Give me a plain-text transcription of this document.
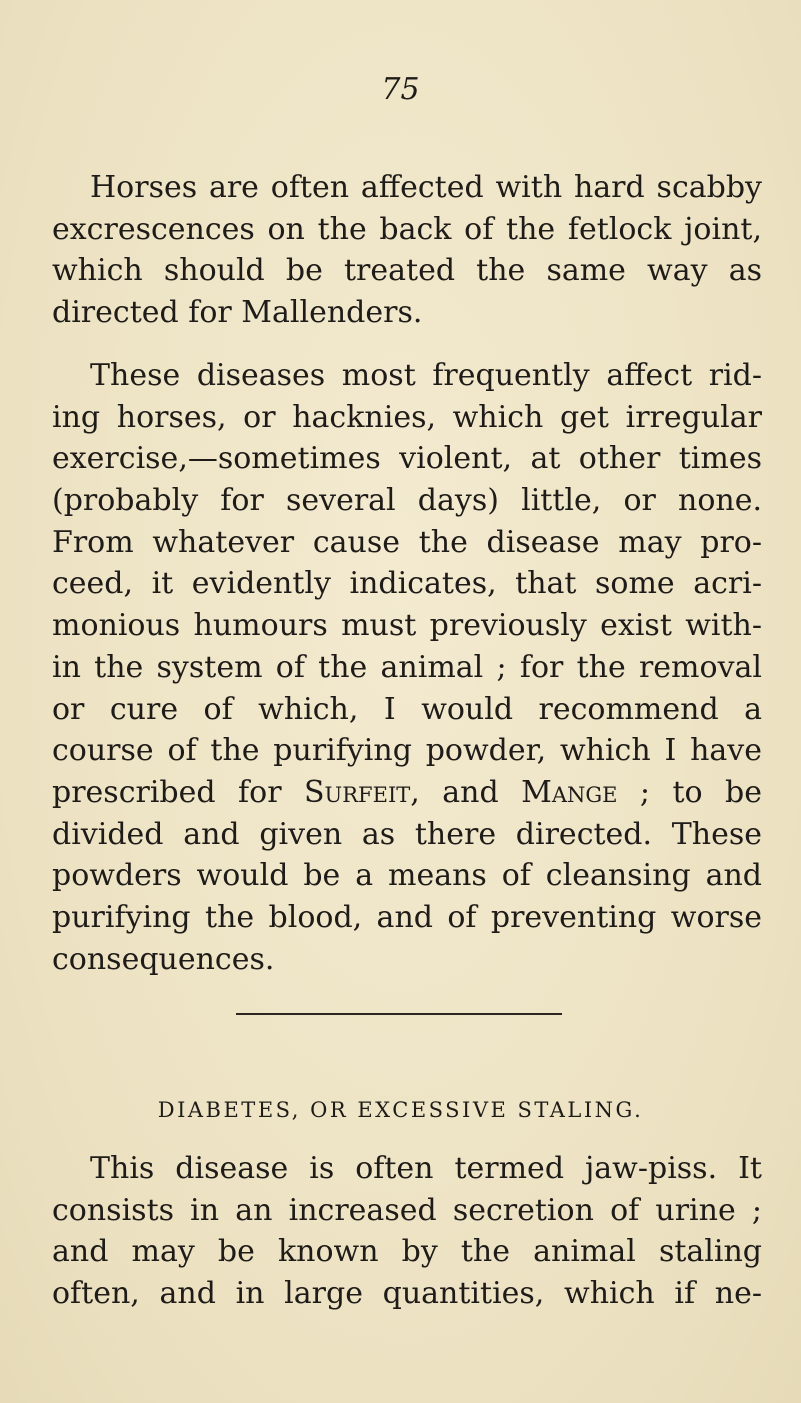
75
Horses are often affected with hard scabby
excrescences on the back of the fetlock joint,
which should be treated the same way as
directed for Mallenders.
These diseases most frequently affect rid-
ing horses, or hacknies, which get irregular
exercise,—sometimes violent, at other times
(probably for several days) little, or none.
From whatever cause the disease may pro-
ceed, it evidently indicates, that some acri-
monious humours must previously exist with-
in the system of the animal ; for the removal
or cure of which, I would recommend a
course of the purifying powder, which I have
prescribed for Surfeit, and Mange ; to be
divided and given as there directed. These
powders would be a means of cleansing and
purifying the blood, and of preventing worse
consequences.
DIABETES, OR EXCESSIVE STALING.
This disease is often termed jaw-piss. It
consists in an increased secretion of urine ;
and may be known by the animal staling
often, and in large quantities, which if ne-
